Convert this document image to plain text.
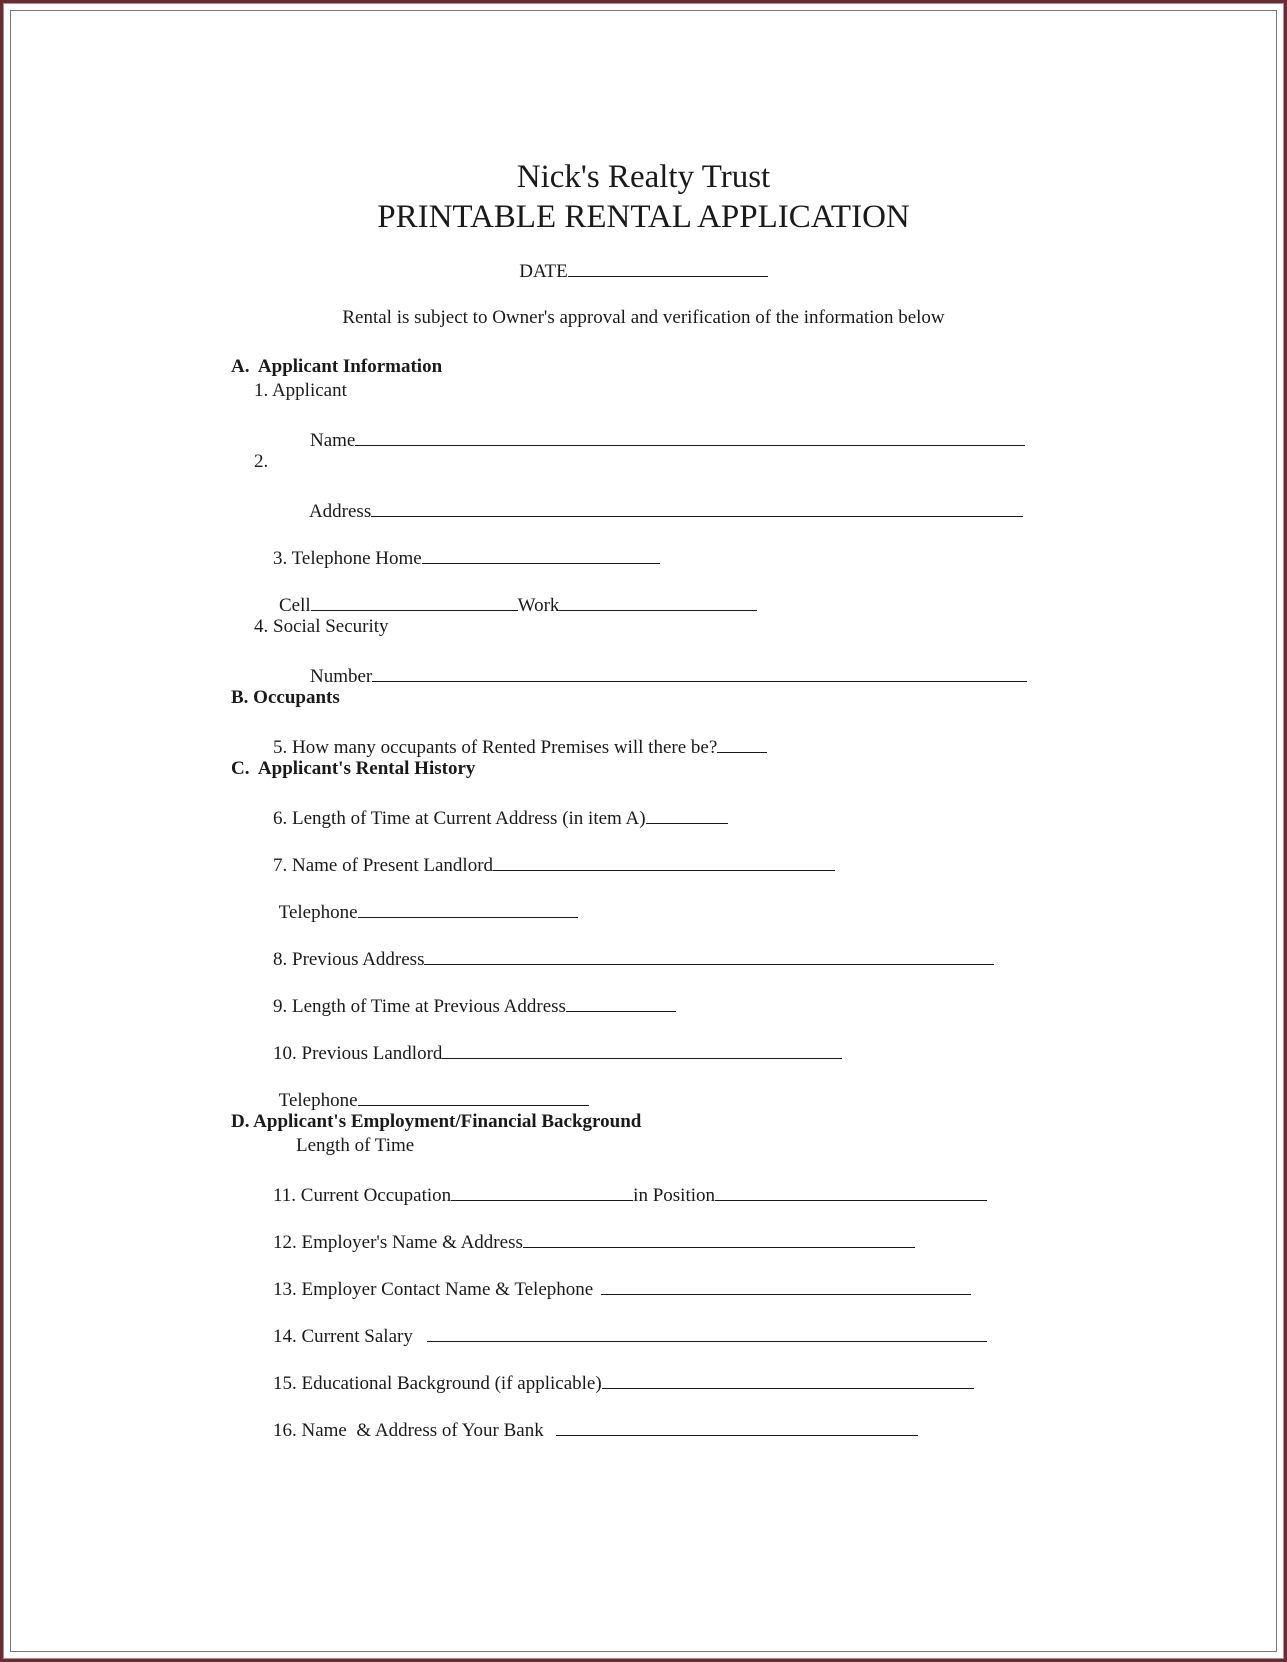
Nick's Realty Trust
PRINTABLE RENTAL APPLICATION
DATE
Rental is subject to Owner's approval and verification of the information below
A.  Applicant Information
1. Applicant

Name

2.

Address

3. Telephone Home

Cell	Work

4. Social Security

Number

B. Occupants

5. How many occupants of Rented Premises will there be?

C.  Applicant's Rental History

6. Length of Time at Current Address (in item A)

7. Name of Present Landlord

Telephone

8. Previous Address

9. Length of Time at Previous Address

10. Previous Landlord

Telephone

D. Applicant's Employment/Financial Background
Length of Time

11. Current Occupation	in Position

12. Employer's Name & Address

13. Employer Contact Name & Telephone

14. Current Salary

15. Educational Background (if applicable)

16. Name  & Address of Your Bank
